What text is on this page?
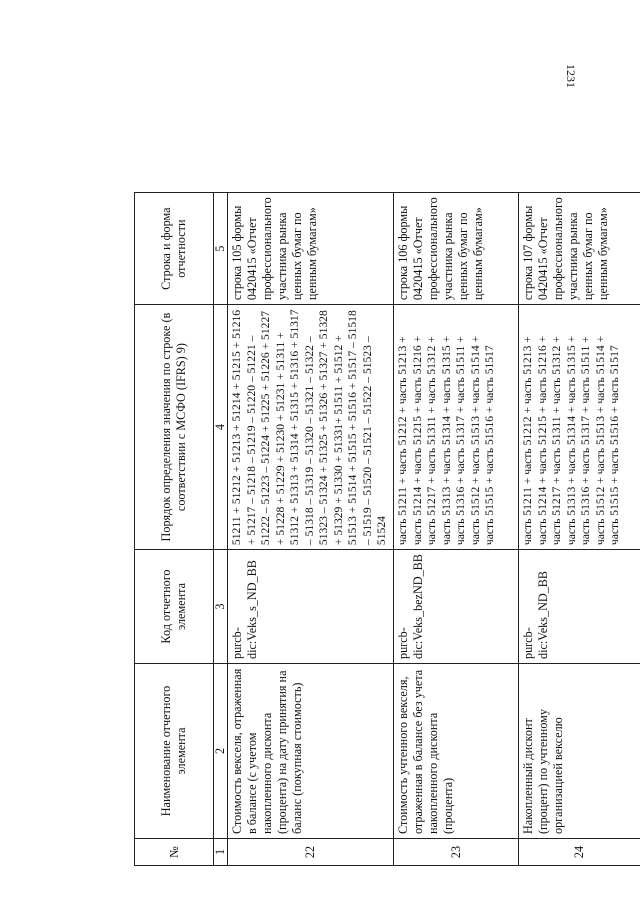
1231
№	Наименование отчетного элемента	Код отчетного элемента	Порядок определения значения по строке (в соответствии с МСФО (IFRS) 9)	Строка и форма отчетности
1	2	3	4	5
22	Стоимость векселя, отраженная в балансе (с учетом накопленного дисконта (процента) на дату принятия на баланс (покупная стоимость)	purcb-dic:Veks_s_ND_BB	51211 + 51212 + 51213 + 51214 + 51215 + 51216 + 51217 – 51218 – 51219 – 51220 – 51221 – 51222 – 51223 – 51224 + 51225 + 51226 + 51227 + 51228 + 51229 + 51230 + 51231 + 51311 + 51312 + 51313 + 51314 + 51315 + 51316 + 51317 – 51318 – 51319 – 51320 – 51321 – 51322 – 51323 – 51324 + 51325 + 51326 + 51327 + 51328 + 51329 + 51330 + 51331+ 51511 + 51512 + 51513 + 51514 + 51515 + 51516 + 51517 – 51518 – 51519 – 51520 – 51521 – 51522 – 51523 – 51524	строка 105 формы 0420415 «Отчет профессионального участника рынка ценных бумаг по ценным бумагам»
23	Стоимость учтенного векселя, отраженная в балансе без учета накопленного дисконта (процента)	purcb-dic:Veks_bezND_BB	часть 51211 + часть 51212 + часть 51213 + часть 51214 + часть 51215 + часть 51216 + часть 51217 + часть 51311 + часть 51312 + часть 51313 + часть 51314 + часть 51315 + часть 51316 + часть 51317 + часть 51511 + часть 51512 + часть 51513 + часть 51514 + часть 51515 + часть 51516 + часть 51517	строка 106 формы 0420415 «Отчет профессионального участника рынка ценных бумаг по ценным бумагам»
24	Накопленный дисконт (процент) по учтенному организацией векселю	purcb-dic:Veks_ND_BB	часть 51211 + часть 51212 + часть 51213 + часть 51214 + часть 51215 + часть 51216 + часть 51217 + часть 51311 + часть 51312 + часть 51313 + часть 51314 + часть 51315 + часть 51316 + часть 51317 + часть 51511 + часть 51512 + часть 51513 + часть 51514 + часть 51515 + часть 51516 + часть 51517	строка 107 формы 0420415 «Отчет профессионального участника рынка ценных бумаг по ценным бумагам»
